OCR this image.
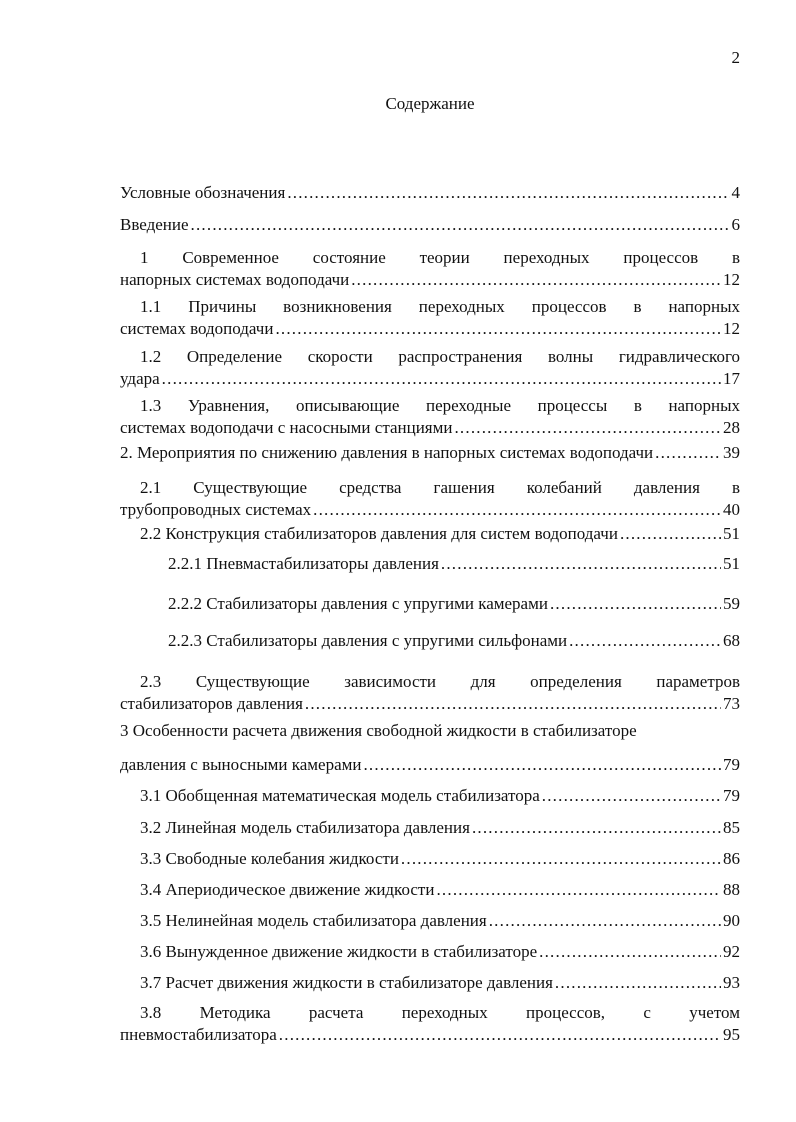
2
Содержание
Условные обозначения .....	4
Введение .....	6
1 Современное состояние теории переходных процессов в
напорных системах водоподачи .....	12
1.1 Причины возникновения переходных процессов в напорных
системах водоподачи .....	12
1.2 Определение скорости распространения волны гидравлического
удара .....	17
1.3 Уравнения, описывающие переходные процессы в напорных
системах водоподачи с насосными станциями .....	28
2. Мероприятия по снижению давления в напорных системах водоподачи .....	39
2.1 Существующие средства гашения колебаний давления в
трубопроводных системах .....	40
2.2 Конструкция стабилизаторов давления для систем водоподачи .....	51
2.2.1 Пневмастабилизаторы давления .....	51
2.2.2 Стабилизаторы давления с упругими камерами .....	59
2.2.3 Стабилизаторы давления с упругими сильфонами .....	68
2.3 Существующие зависимости для определения параметров
стабилизаторов давления .....	73
3 Особенности расчета движения свободной жидкости в стабилизаторе
давления с выносными камерами .....	79
3.1 Обобщенная математическая модель стабилизатора .....	79
3.2 Линейная модель стабилизатора давления .....	85
3.3 Свободные колебания жидкости .....	86
3.4 Апериодическое движение жидкости .....	88
3.5 Нелинейная модель стабилизатора давления .....	90
3.6 Вынужденное движение жидкости в стабилизаторе .....	92
3.7 Расчет движения жидкости в стабилизаторе давления .....	93
3.8 Методика расчета переходных процессов, с учетом
пневмостабилизатора .....	95
